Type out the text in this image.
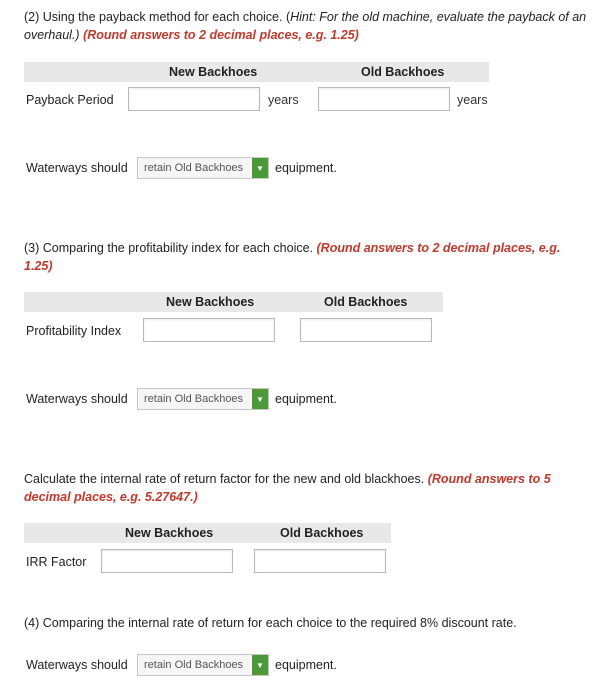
(2) Using the payback method for each choice. (Hint: For the old machine, evaluate the payback of an overhaul.) (Round answers to 2 decimal places, e.g. 1.25)
New Backhoes	Old Backhoes
Payback Period	years	years
Waterways should	retain Old Backhoes	▼ equipment.
(3) Comparing the profitability index for each choice. (Round answers to 2 decimal places, e.g. 1.25)
New Backhoes	Old Backhoes
Profitability Index
Waterways should	retain Old Backhoes	▼ equipment.
Calculate the internal rate of return factor for the new and old blackhoes. (Round answers to 5 decimal places, e.g. 5.27647.)
New Backhoes	Old Backhoes
IRR Factor
(4) Comparing the internal rate of return for each choice to the required 8% discount rate.
Waterways should	retain Old Backhoes	▼ equipment.
